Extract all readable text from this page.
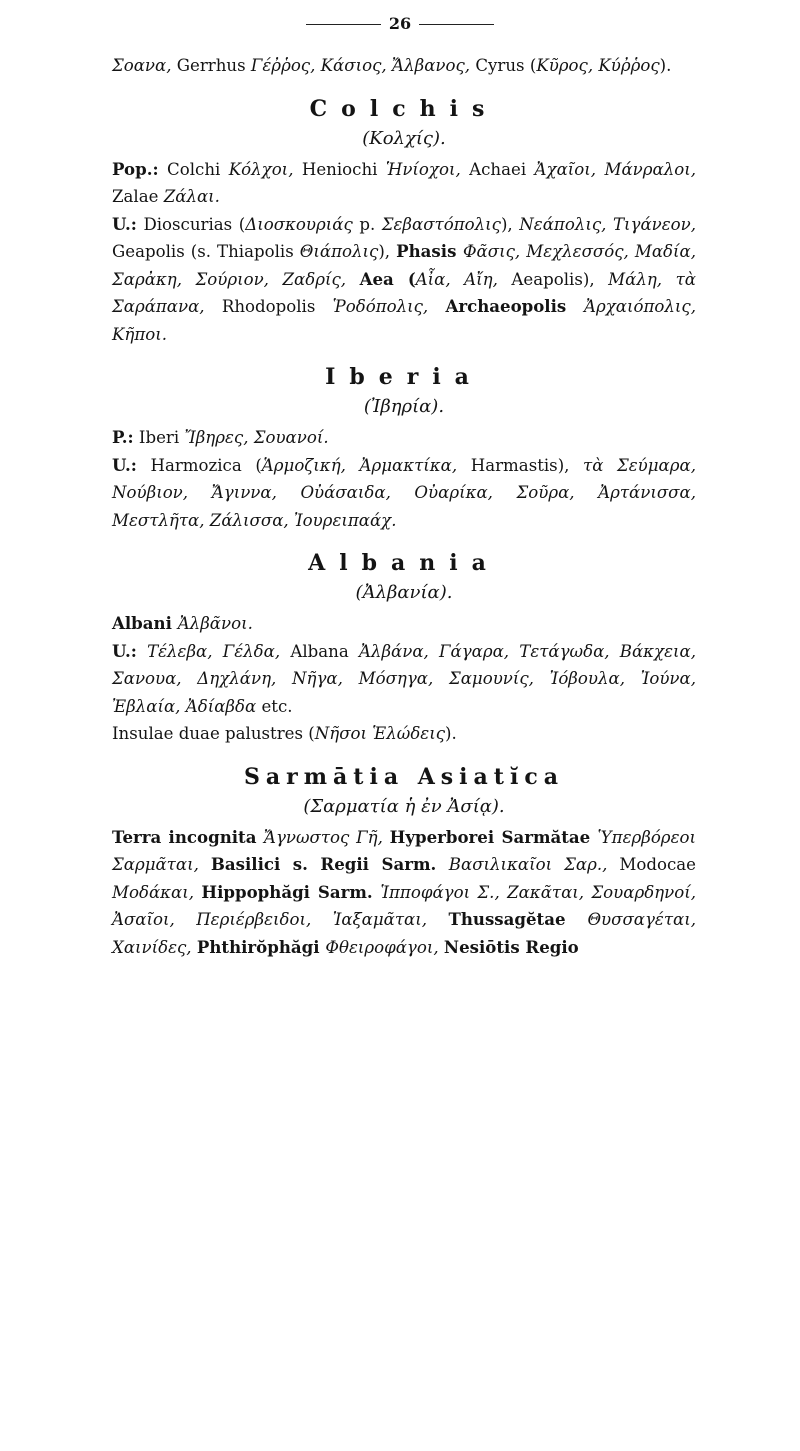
26

Σοανα, Gerrhus Γέῤῥος, Κάσιος, Ἄλβανος, Cyrus (Κῦρος, Κύῤῥος).

Colchis
(Κολχίς).

Pop.: Colchi Κόλχοι, Heniochi Ἡνίοχοι, Achaei Ἀχαῖοι, Μάνραλοι, Zalae Ζάλαι.

U.: Dioscurias (Διοσκουριάς p. Σεβαστόπολις), Νεάπολις, Τιγάνεον, Geapolis (s. Thiapolis Θιάπολις), Phasis Φᾶσις, Μεχλεσσός, Μαδία, Σαρἀκη, Σούριον, Ζαδρίς, Aea (Αἶα, Αἴη, Aeapolis), Μάλη, τὰ Σαράπανα, Rhodopolis Ῥοδόπολις, Archaeopolis Ἀρχαιόπολις, Κῆποι.

Iberia
(Ἰβηρία).

P.: Iberi Ἴβηρες, Σουανοί.

U.: Harmozica (Ἁρμοζική, Ἀρμακτίκα, Harmastis), τὰ Σεύμαρα, Νούβιον, Ἄγιννα, Οὐάσαιδα, Οὐαρίκα, Σοῦρα, Ἀρτάνισσα, Μεστλῆτα, Ζάλισσα, Ἰουρειπαάχ.

Albania
(Ἀλβανία).

Albani Ἀλβᾶνοι.

U.: Τέλεβα, Γέλδα, Albana Ἀλβάνα, Γάγαρα, Τετάγωδα, Βάκχεια, Σανουα, Δηχλάνη, Νῆγα, Μόσηγα, Σαμουνίς, Ἰόβουλα, Ἰούνα, Ἐβλαία, Ἀδίαβδα etc.

Insulae duae palustres (Νῆσοι Ἑλώδεις).

Sarmātia Asiatĭca
(Σαρματία ἡ ἐν Ἀσίᾳ).

Terra incognita Ἄγνωστος Γῆ, Hyperborei Sarmătae Ὑπερβόρεοι Σαρμᾶται, Basilici s. Regii Sarm. Βασιλικαῖοι Σαρ., Modocae Μοδάκαι, Hippophăgi Sarm. Ἱπποφάγοι Σ., Ζακᾶται, Σουαρδηνοί, Ἀσαῖοι, Περιέρβειδοι, Ἰαξαμᾶται, Thussagĕtae Θυσσαγέται, Χαινίδες, Phthirŏphăgi Φθειροφάγοι, Nesiōtis Regio
